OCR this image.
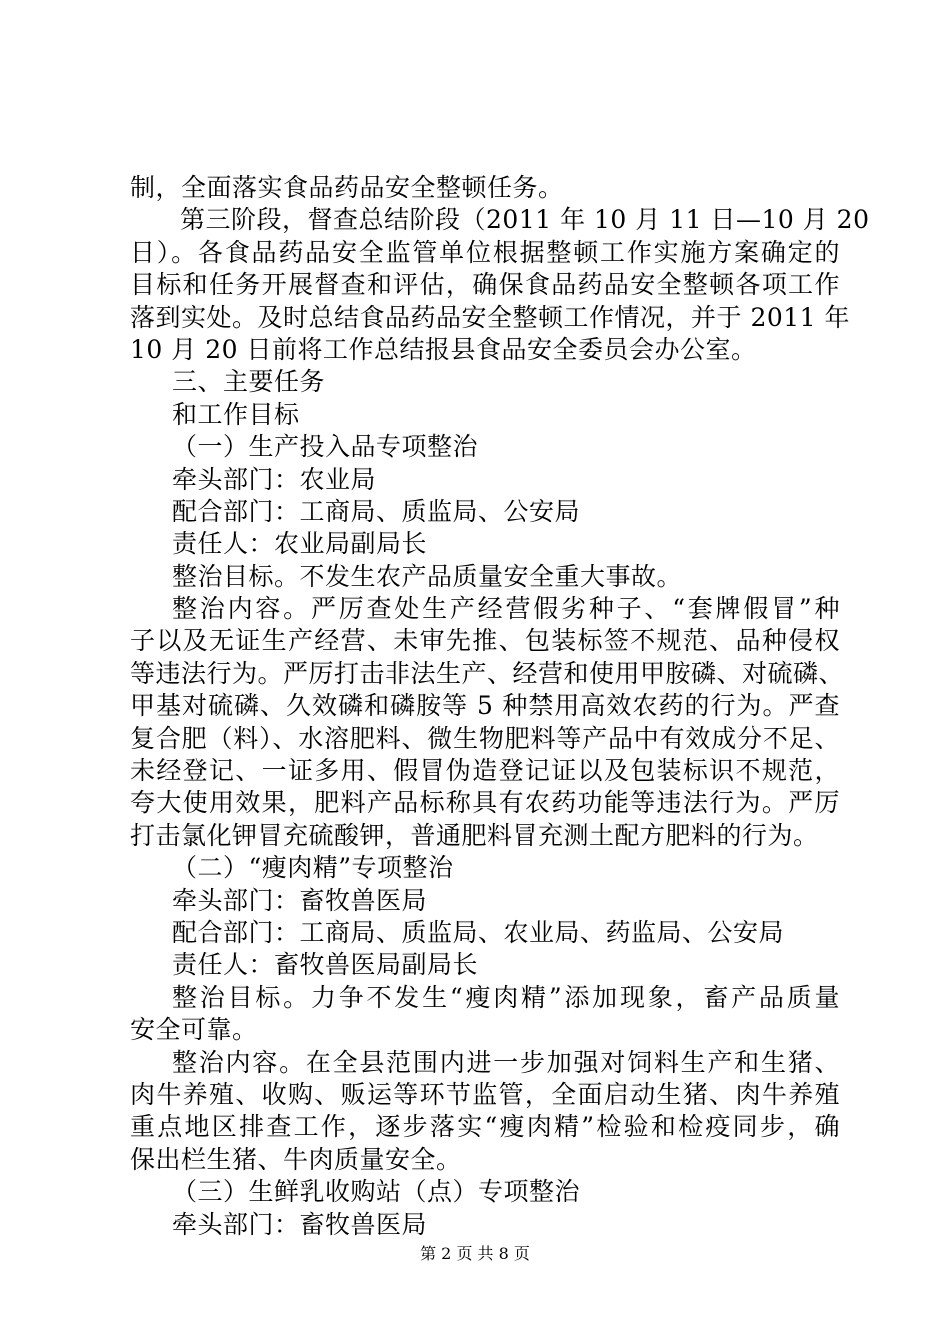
制，全面落实食品药品安全整顿任务。
第三阶段，督查总结阶段（2011 年 10 月 11 日—10 月 20
日）。各食品药品安全监管单位根据整顿工作实施方案确定的
目标和任务开展督查和评估，确保食品药品安全整顿各项工作
落到实处。及时总结食品药品安全整顿工作情况，并于 2011 年
10 月 20 日前将工作总结报县食品安全委员会办公室。
三、主要任务
和工作目标
（一）生产投入品专项整治
牵头部门：农业局
配合部门：工商局、质监局、公安局
责任人：农业局副局长
整治目标。不发生农产品质量安全重大事故。
整治内容。严厉查处生产经营假劣种子、“套牌假冒”种
子以及无证生产经营、未审先推、包装标签不规范、品种侵权
等违法行为。严厉打击非法生产、经营和使用甲胺磷、对硫磷、
甲基对硫磷、久效磷和磷胺等 5 种禁用高效农药的行为。严查
复合肥（料）、水溶肥料、微生物肥料等产品中有效成分不足、
未经登记、一证多用、假冒伪造登记证以及包装标识不规范，
夸大使用效果，肥料产品标称具有农药功能等违法行为。严厉
打击氯化钾冒充硫酸钾，普通肥料冒充测土配方肥料的行为。
（二）“瘦肉精”专项整治
牵头部门：畜牧兽医局
配合部门：工商局、质监局、农业局、药监局、公安局
责任人：畜牧兽医局副局长
整治目标。力争不发生“瘦肉精”添加现象，畜产品质量
安全可靠。
整治内容。在全县范围内进一步加强对饲料生产和生猪、
肉牛养殖、收购、贩运等环节监管，全面启动生猪、肉牛养殖
重点地区排查工作，逐步落实“瘦肉精”检验和检疫同步，确
保出栏生猪、牛肉质量安全。
（三）生鲜乳收购站（点）专项整治
牵头部门：畜牧兽医局
第 2 页 共 8 页
